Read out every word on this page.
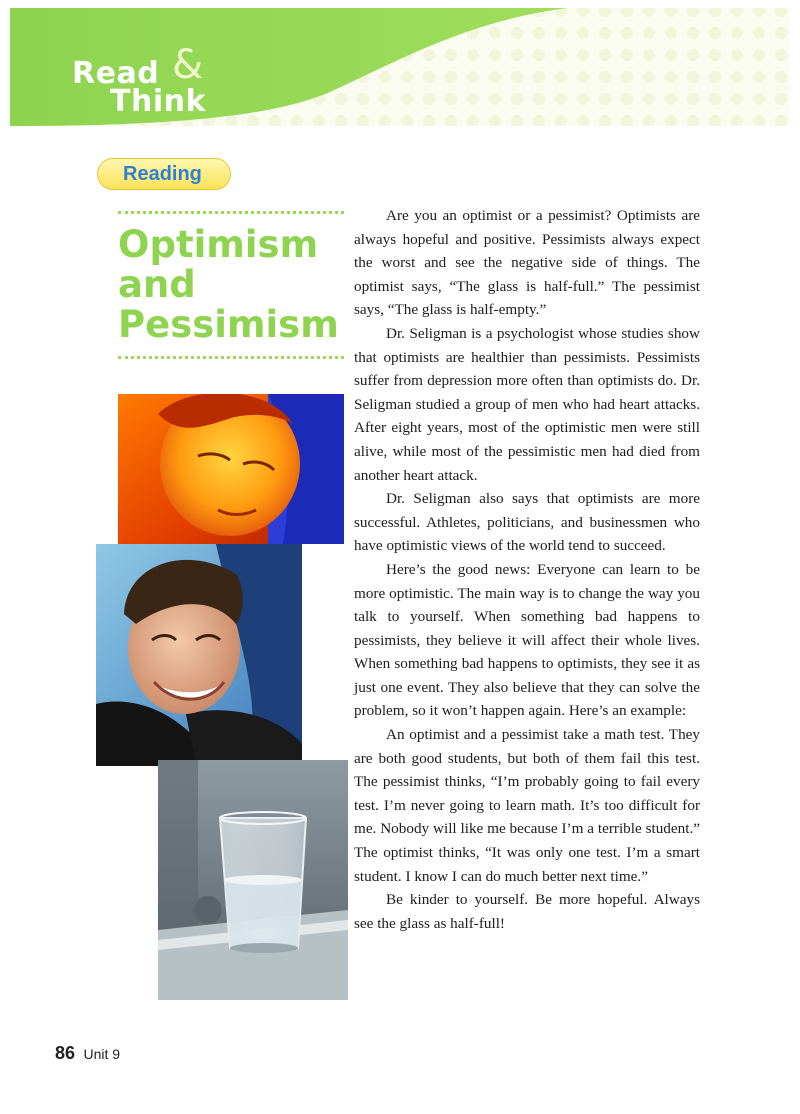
Read &
Think
Reading
Optimism
and
Pessimism

Are you an optimist or a pessimist? Optimists are always hopeful and positive. Pessimists always expect the worst and see the negative side of things. The optimist says, “The glass is half-full.” The pessimist says, “The glass is half-empty.”

Dr. Seligman is a psychologist whose studies show that optimists are healthier than pessimists. Pessimists suffer from depression more often than optimists do. Dr. Seligman studied a group of men who had heart attacks. After eight years, most of the optimistic men were still alive, while most of the pessimistic men had died from another heart attack.

Dr. Seligman also says that optimists are more successful. Athletes, politicians, and businessmen who have optimistic views of the world tend to succeed.

Here’s the good news: Everyone can learn to be more optimistic. The main way is to change the way you talk to yourself. When something bad happens to pessimists, they believe it will affect their whole lives. When something bad happens to optimists, they see it as just one event. They also believe that they can solve the problem, so it won’t happen again. Here’s an example:

An optimist and a pessimist take a math test. They are both good students, but both of them fail this test. The pessimist thinks, “I’m probably going to fail every test. I’m never going to learn math. It’s too difficult for me. Nobody will like me because I’m a terrible student.” The optimist thinks, “It was only one test. I’m a smart student. I know I can do much better next time.”

Be kinder to yourself. Be more hopeful. Always see the glass as half-full!

86 Unit 9
